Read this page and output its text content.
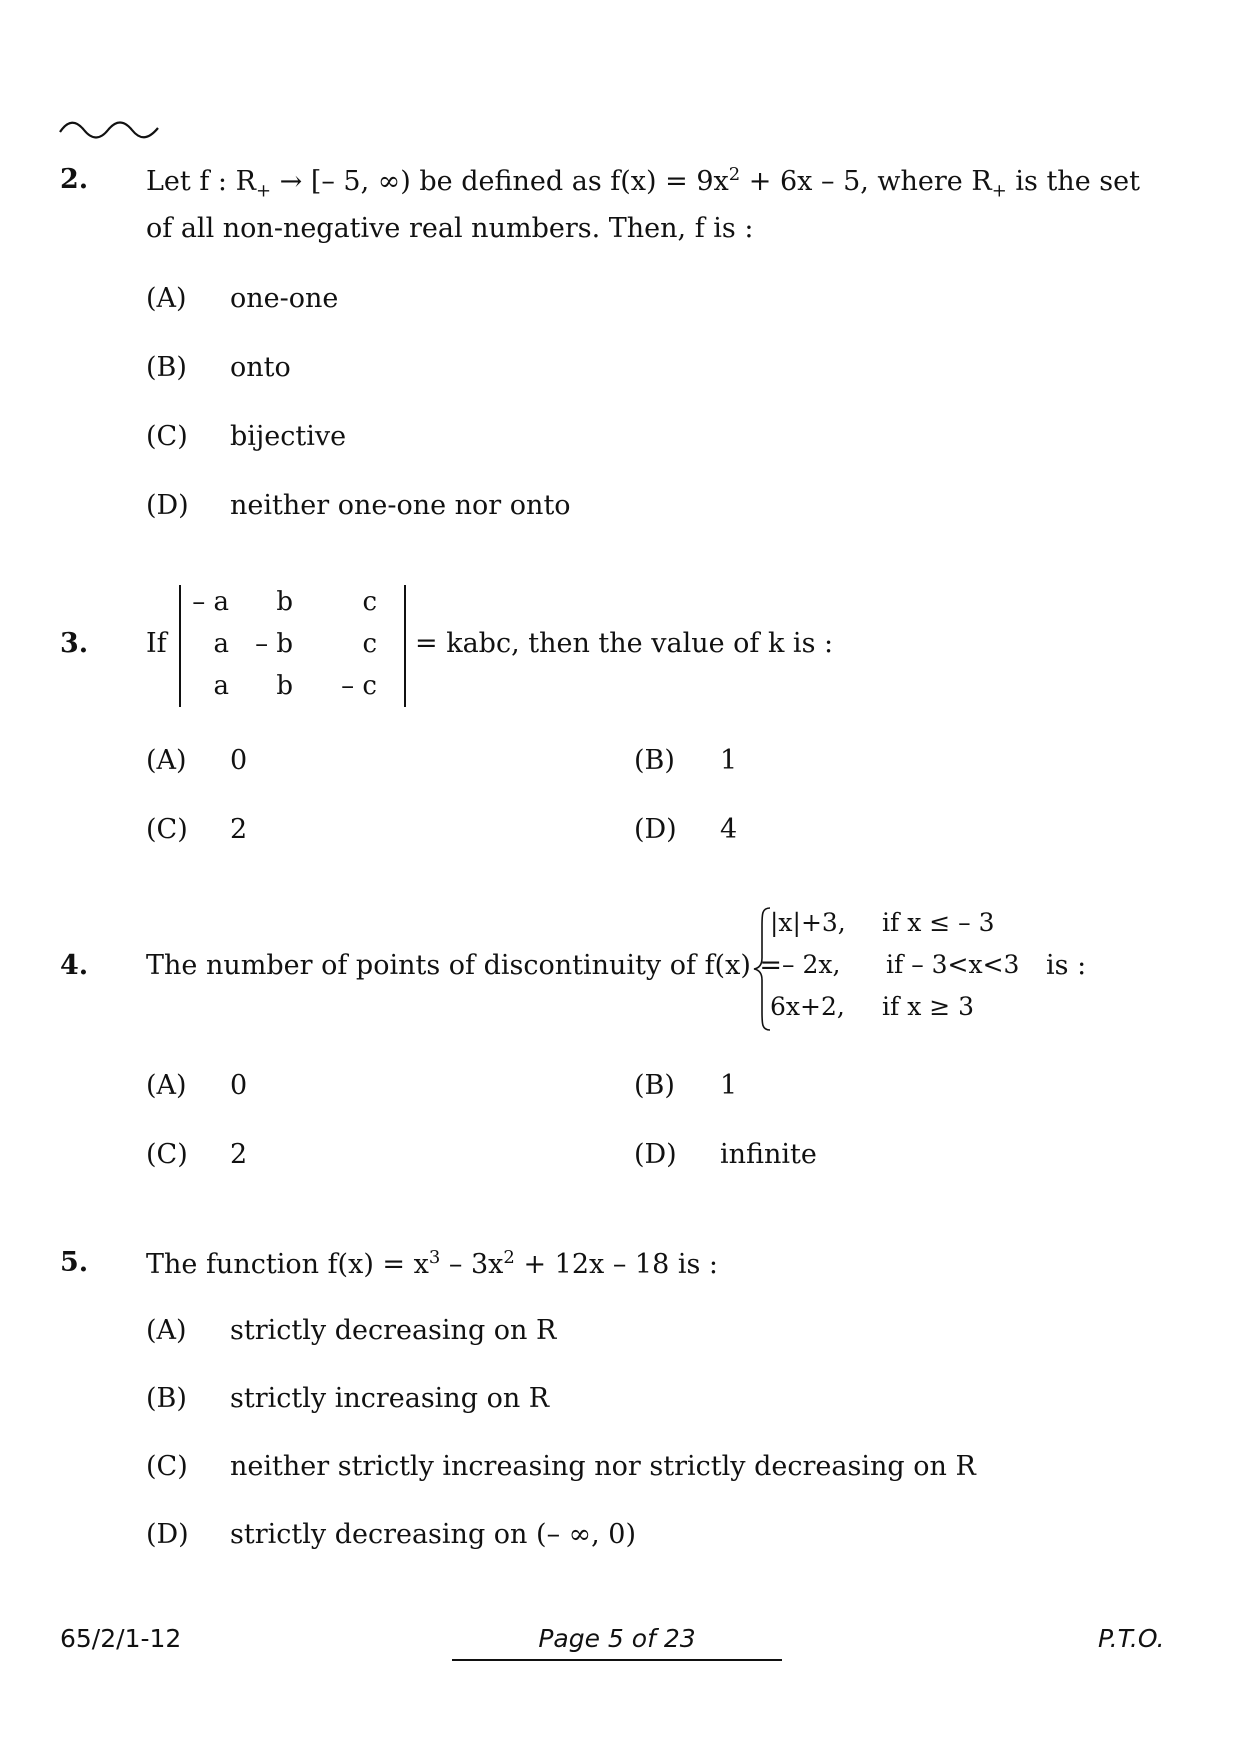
2. Let f : $R_+$ → [– 5, ∞) be defined as $f(x) = 9x^2 + 6x - 5$, where $R_+$ is the set
of all non-negative real numbers. Then, f is :
(A) one-one
(B) onto
(C) bijective
(D) neither one-one nor onto
3. If
– a	b	c
a	– b	c
a	b	– c
= kabc, then the value of k is :
(A) 0	(B) 1
(C) 2	(D) 4
4. The number of points of discontinuity of f(x) =
|x|+3, if x ≤ – 3
– 2x, if – 3<x<3
6x+2, if x ≥ 3
is :
(A) 0	(B) 1
(C) 2	(D) infinite
5. The function $f(x) = x^3 - 3x^2 + 12x - 18$ is :
(A) strictly decreasing on R
(B) strictly increasing on R
(C) neither strictly increasing nor strictly decreasing on R
(D) strictly decreasing on (– ∞, 0)
65/2/1-12	Page 5 of 23	P.T.O.
